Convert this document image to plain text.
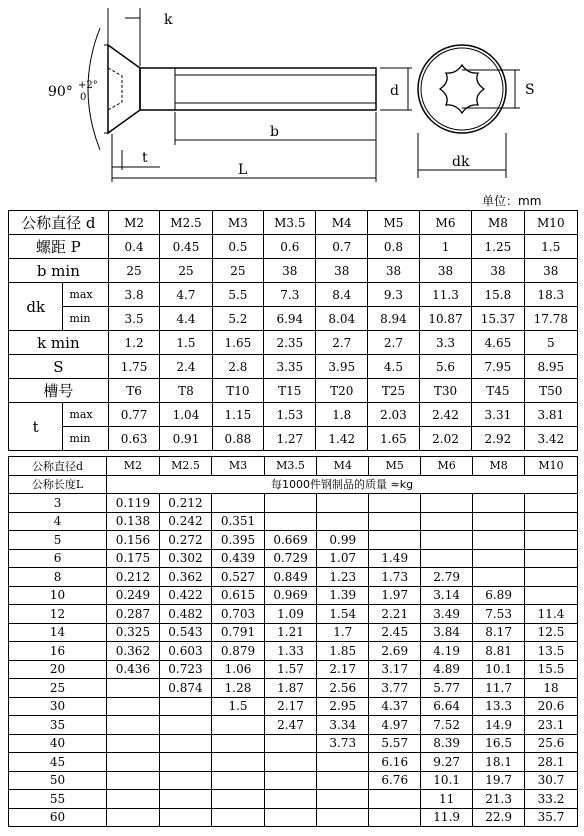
k
90° +2°
0	d
b
t
L
S
dk
单位：mm
公称直径 d		M2	M2.5	M3	M3.5	M4	M5	M6	M8	M10
螺距 P		0.4	0.45	0.5	0.6	0.7	0.8	1	1.25	1.5
b min		25	25	25	38	38	38	38	38	38
dk	max	3.8	4.7	5.5	7.3	8.4	9.3	11.3	15.8	18.3
	min	3.5	4.4	5.2	6.94	8.04	8.94	10.87	15.37	17.78
k min		1.2	1.5	1.65	2.35	2.7	2.7	3.3	4.65	5
S		1.75	2.4	2.8	3.35	3.95	4.5	5.6	7.95	8.95
槽号		T6	T8	T10	T15	T20	T25	T30	T45	T50
t	max	0.77	1.04	1.15	1.53	1.8	2.03	2.42	3.31	3.81
	min	0.63	0.91	0.88	1.27	1.42	1.65	2.02	2.92	3.42
公称直径d	M2	M2.5	M3	M3.5	M4	M5	M6	M8	M10
公称长度L	每1000件钢制品的质量 ≈kg								
3	0.119	0.212							
4	0.138	0.242	0.351						
5	0.156	0.272	0.395	0.669	0.99				
6	0.175	0.302	0.439	0.729	1.07	1.49			
8	0.212	0.362	0.527	0.849	1.23	1.73	2.79		
10	0.249	0.422	0.615	0.969	1.39	1.97	3.14	6.89	
12	0.287	0.482	0.703	1.09	1.54	2.21	3.49	7.53	11.4
14	0.325	0.543	0.791	1.21	1.7	2.45	3.84	8.17	12.5
16	0.362	0.603	0.879	1.33	1.85	2.69	4.19	8.81	13.5
20	0.436	0.723	1.06	1.57	2.17	3.17	4.89	10.1	15.5
25		0.874	1.28	1.87	2.56	3.77	5.77	11.7	18
30			1.5	2.17	2.95	4.37	6.64	13.3	20.6
35				2.47	3.34	4.97	7.52	14.9	23.1
40					3.73	5.57	8.39	16.5	25.6
45						6.16	9.27	18.1	28.1
50						6.76	10.1	19.7	30.7
55							11	21.3	33.2
60							11.9	22.9	35.7
